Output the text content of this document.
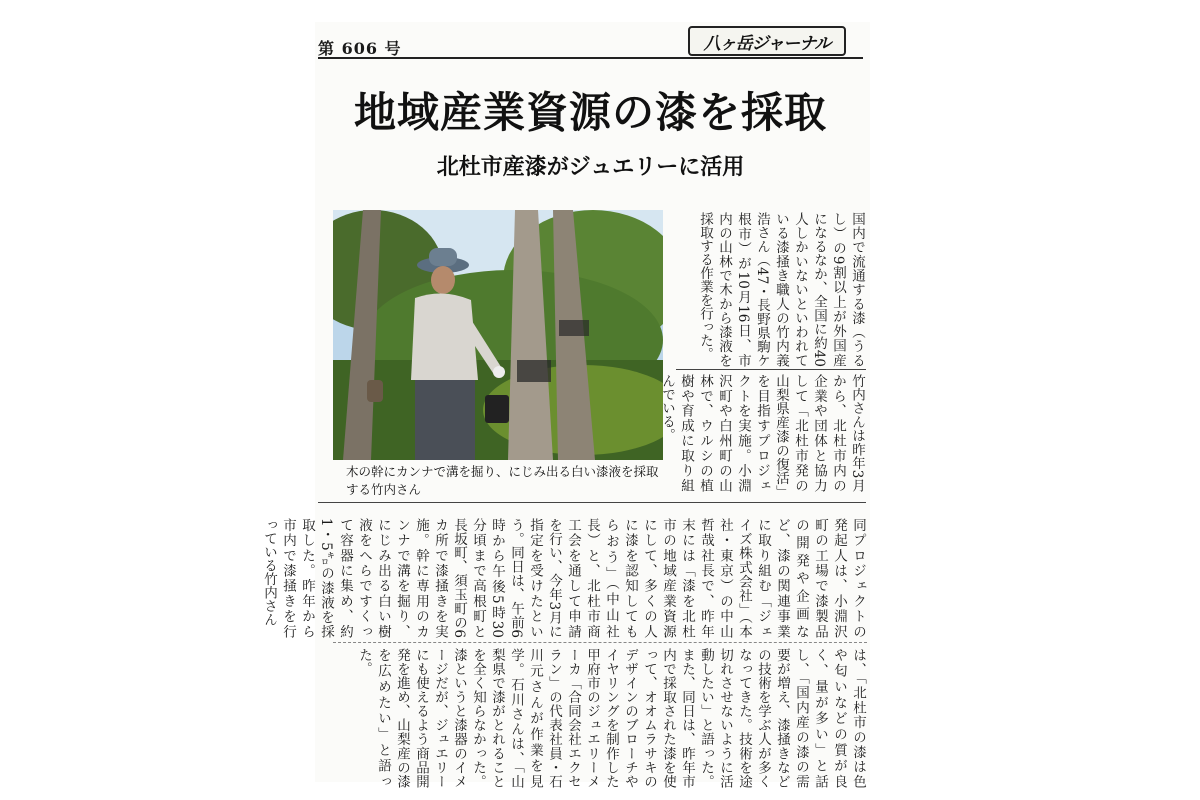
第 606 号	八ヶ岳ジャーナル
地域産業資源の漆を採取
北杜市産漆がジュエリーに活用
木の幹にカンナで溝を掘り、にじみ出る白い漆液を採取する竹内さん
国内で流通する漆（うるし）の9割以上が外国産になるなか、全国に約40人しかいないといわれている漆掻き職人の竹内義浩さん（47・長野県駒ケ根市）が10月16日、市内の山林で木から漆液を採取する作業を行った。
竹内さんは昨年3月から、北杜市内の企業や団体と協力して「北杜市発の山梨県産漆の復活」を目指すプロジェクトを実施。小淵沢町や白州町の山林で、ウルシの植樹や育成に取り組んでいる。
同プロジェクトの発起人は、小淵沢町の工場で漆製品の開発や企画など、漆の関連事業に取り組む「ジェイズ株式会社」（本社・東京）の中山哲哉社長で、昨年末には「漆を北杜市の地域産業資源にして、多くの人に漆を認知してもらおう」（中山社長）と、北杜市商工会を通して申請を行い、今年3月に指定を受けたという。同日は、午前6時から午後5時30分頃まで高根町と長坂町、須玉町の6カ所で漆掻きを実施。幹に専用のカンナで溝を掘り、にじみ出る白い樹液をへらですくって容器に集め、約1・5㌔の漆液を採取した。昨年から市内で漆掻きを行っている竹内さん
は、「北杜市の漆は色や匂いなどの質が良く、量が多い」と話し、「国内産の漆の需要が増え、漆掻きなどの技術を学ぶ人が多くなってきた。技術を途切れさせないように活動したい」と語った。また、同日は、昨年市内で採取された漆を使って、オオムラサキのデザインのブローチやイヤリングを制作した甲府市のジュエリーメーカ「合同会社エクセラン」の代表社員・石川元さんが作業を見学。石川さんは、「山梨県で漆がとれることを全く知らなかった。漆というと漆器のイメージだが、ジュエリーにも使えるよう商品開発を進め、山梨産の漆を広めたい」と語った。
